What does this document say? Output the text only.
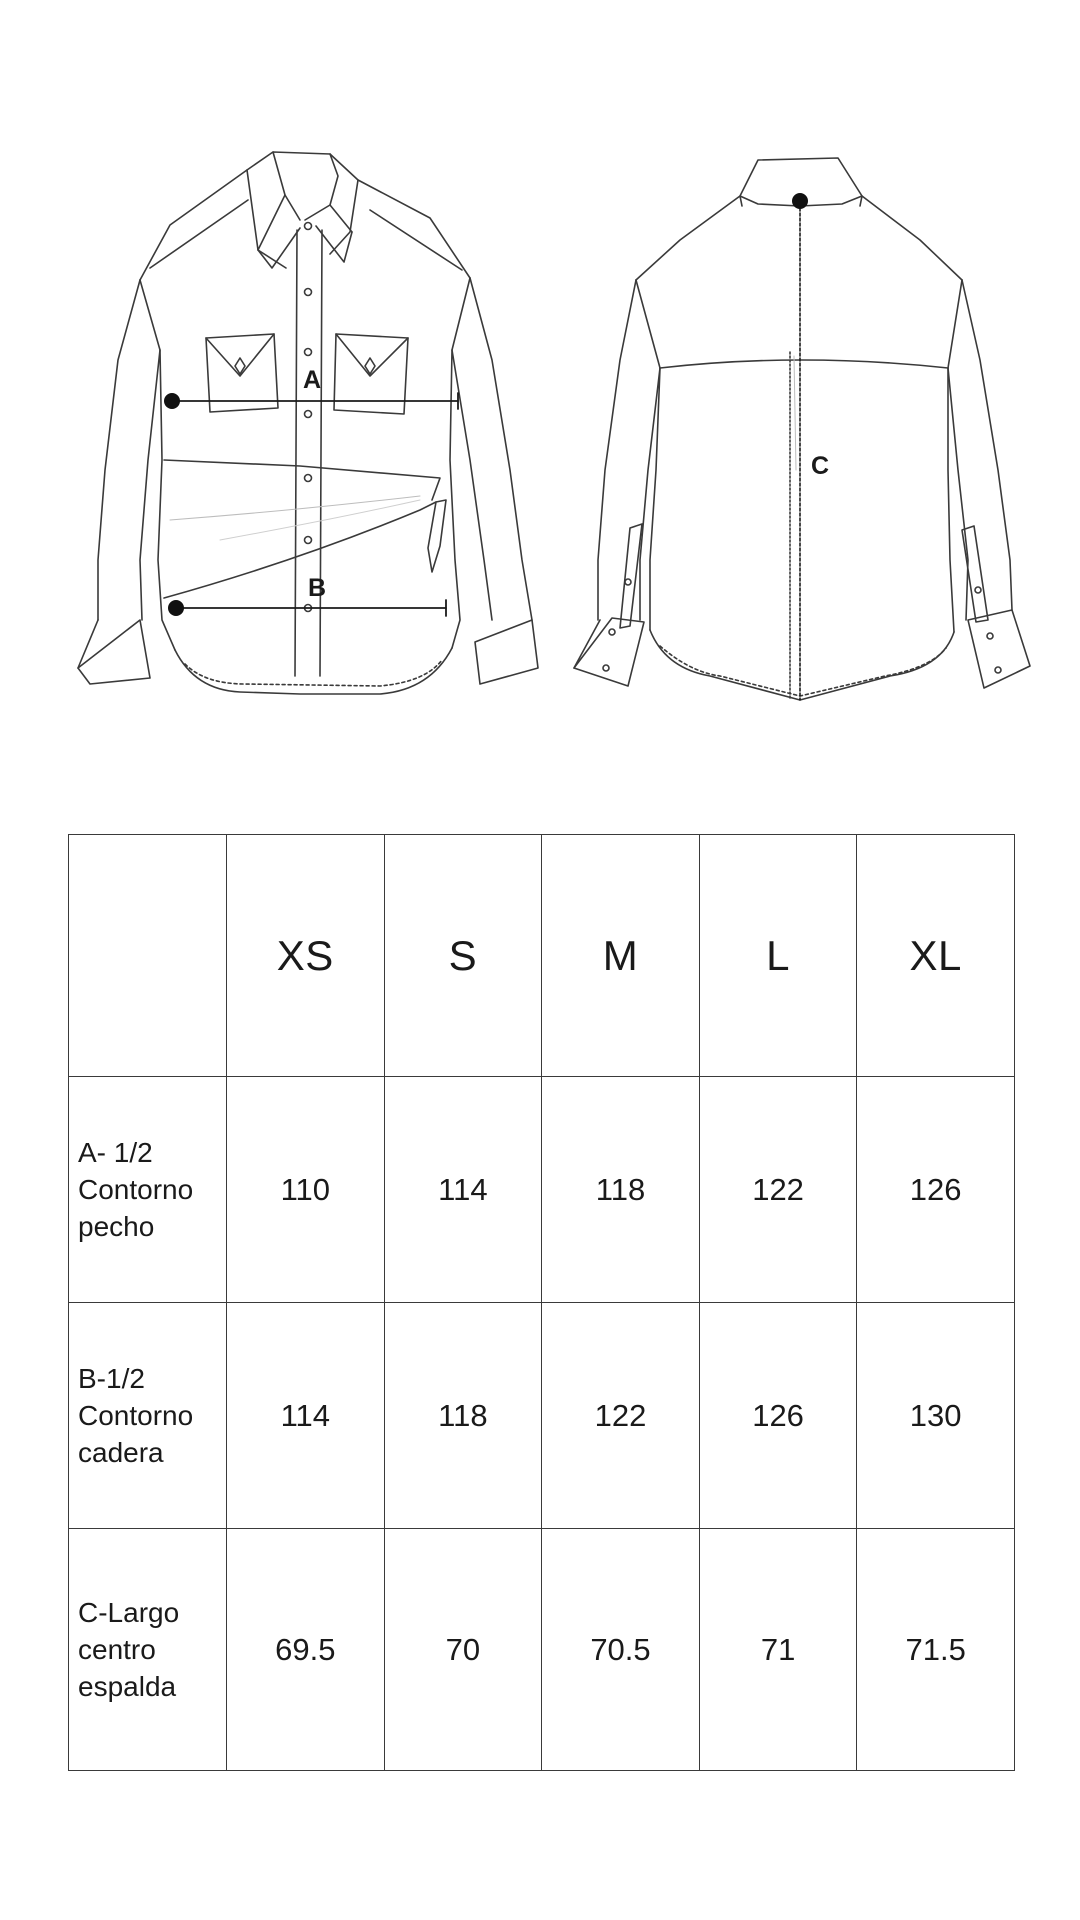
A
B
C
	XS	S	M	L	XL
A- 1/2
Contorno
pecho	110	114	118	122	126
B-1/2
Contorno
cadera	114	118	122	126	130
C-Largo
centro
espalda	69.5	70	70.5	71	71.5
